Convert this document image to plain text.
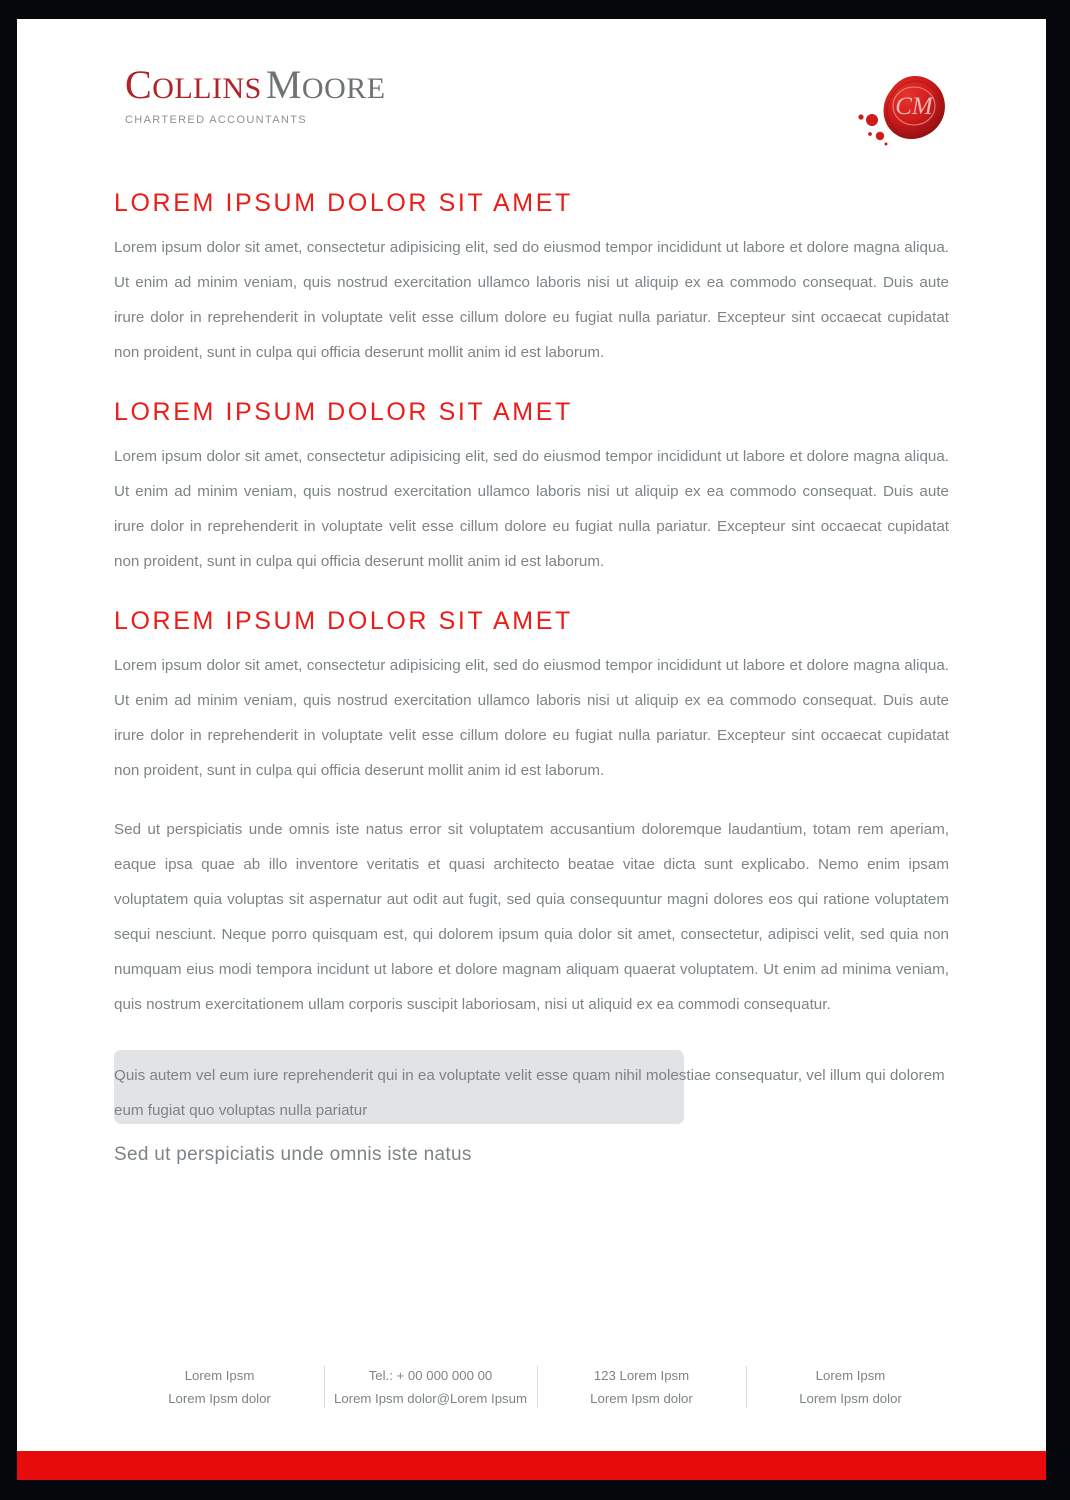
COLLINS MOORE
CHARTERED ACCOUNTANTS	CM
LOREM IPSUM DOLOR SIT AMET

Lorem ipsum dolor sit amet, consectetur adipisicing elit, sed do eiusmod tempor incididunt ut labore et dolore magna aliqua. Ut enim ad minim veniam, quis nostrud exercitation ullamco laboris nisi ut aliquip ex ea commodo consequat. Duis aute irure dolor in reprehenderit in voluptate velit esse cillum dolore eu fugiat nulla pariatur. Excepteur sint occaecat cupidatat non proident, sunt in culpa qui officia deserunt mollit anim id est laborum.

LOREM IPSUM DOLOR SIT AMET

Lorem ipsum dolor sit amet, consectetur adipisicing elit, sed do eiusmod tempor incididunt ut labore et dolore magna aliqua. Ut enim ad minim veniam, quis nostrud exercitation ullamco laboris nisi ut aliquip ex ea commodo consequat. Duis aute irure dolor in reprehenderit in voluptate velit esse cillum dolore eu fugiat nulla pariatur. Excepteur sint occaecat cupidatat non proident, sunt in culpa qui officia deserunt mollit anim id est laborum.

LOREM IPSUM DOLOR SIT AMET

Lorem ipsum dolor sit amet, consectetur adipisicing elit, sed do eiusmod tempor incididunt ut labore et dolore magna aliqua. Ut enim ad minim veniam, quis nostrud exercitation ullamco laboris nisi ut aliquip ex ea commodo consequat. Duis aute irure dolor in reprehenderit in voluptate velit esse cillum dolore eu fugiat nulla pariatur. Excepteur sint occaecat cupidatat non proident, sunt in culpa qui officia deserunt mollit anim id est laborum.

Sed ut perspiciatis unde omnis iste natus error sit voluptatem accusantium doloremque laudantium, totam rem aperiam, eaque ipsa quae ab illo inventore veritatis et quasi architecto beatae vitae dicta sunt explicabo. Nemo enim ipsam voluptatem quia voluptas sit aspernatur aut odit aut fugit, sed quia consequuntur magni dolores eos qui ratione voluptatem sequi nesciunt. Neque porro quisquam est, qui dolorem ipsum quia dolor sit amet, consectetur, adipisci velit, sed quia non numquam eius modi tempora incidunt ut labore et dolore magnam aliquam quaerat voluptatem. Ut enim ad minima veniam, quis nostrum exercitationem ullam corporis suscipit laboriosam, nisi ut aliquid ex ea commodi consequatur.

Quis autem vel eum iure reprehenderit qui in ea voluptate velit esse quam nihil molestiae consequatur, vel illum qui dolorem eum fugiat quo voluptas nulla pariatur

Sed ut perspiciatis unde omnis iste natus

Lorem Ipsm
Lorem Ipsm dolor
Tel.: + 00 000 000 00
Lorem Ipsm dolor@Lorem Ipsum
123 Lorem Ipsm
Lorem Ipsm dolor
Lorem Ipsm
Lorem Ipsm dolor
